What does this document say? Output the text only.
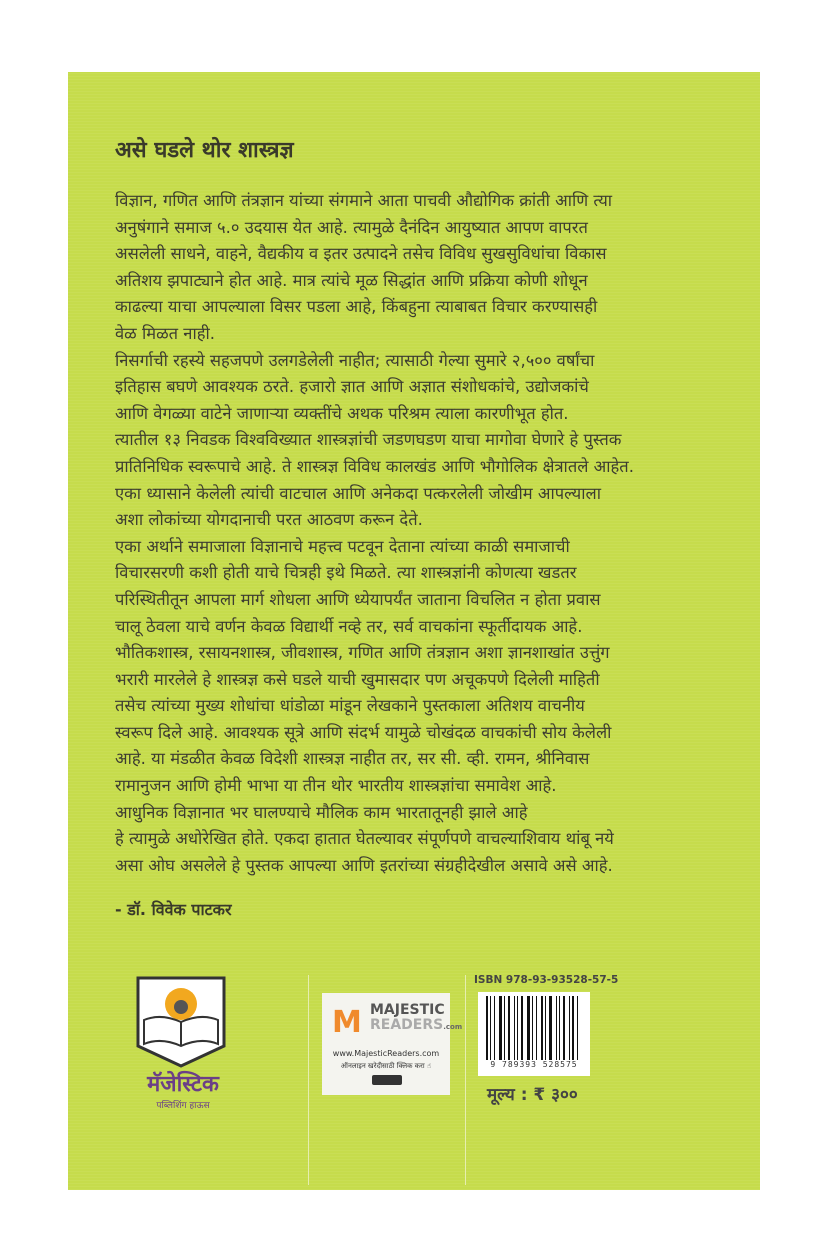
असे घडले थोर शास्त्रज्ञ
विज्ञान, गणित आणि तंत्रज्ञान यांच्या संगमाने आता पाचवी औद्योगिक क्रांती आणि त्या
अनुषंगाने समाज ५.० उदयास येत आहे. त्यामुळे दैनंदिन आयुष्यात आपण वापरत
असलेली साधने, वाहने, वैद्यकीय व इतर उत्पादने तसेच विविध सुखसुविधांचा विकास
अतिशय झपाट्याने होत आहे. मात्र त्यांचे मूळ सिद्धांत आणि प्रक्रिया कोणी शोधून
काढल्या याचा आपल्याला विसर पडला आहे, किंबहुना त्याबाबत विचार करण्यासही
वेळ मिळत नाही.
निसर्गाची रहस्ये सहजपणे उलगडेलेली नाहीत; त्यासाठी गेल्या सुमारे २,५०० वर्षांचा
इतिहास बघणे आवश्यक ठरते. हजारो ज्ञात आणि अज्ञात संशोधकांचे, उद्योजकांचे
आणि वेगळ्या वाटेने जाणाऱ्या व्यक्तींचे अथक परिश्रम त्याला कारणीभूत होत.
त्यातील १३ निवडक विश्वविख्यात शास्त्रज्ञांची जडणघडण याचा मागोवा घेणारे हे पुस्तक
प्रातिनिधिक स्वरूपाचे आहे. ते शास्त्रज्ञ विविध कालखंड आणि भौगोलिक क्षेत्रातले आहेत.
एका ध्यासाने केलेली त्यांची वाटचाल आणि अनेकदा पत्करलेली जोखीम आपल्याला
अशा लोकांच्या योगदानाची परत आठवण करून देते.
एका अर्थाने समाजाला विज्ञानाचे महत्त्व पटवून देताना त्यांच्या काळी समाजाची
विचारसरणी कशी होती याचे चित्रही इथे मिळते. त्या शास्त्रज्ञांनी कोणत्या खडतर
परिस्थितीतून आपला मार्ग शोधला आणि ध्येयापर्यंत जाताना विचलित न होता प्रवास
चालू ठेवला याचे वर्णन केवळ विद्यार्थी नव्हे तर, सर्व वाचकांना स्फूर्तीदायक आहे.
भौतिकशास्त्र, रसायनशास्त्र, जीवशास्त्र, गणित आणि तंत्रज्ञान अशा ज्ञानशाखांत उत्तुंग
भरारी मारलेले हे शास्त्रज्ञ कसे घडले याची खुमासदार पण अचूकपणे दिलेली माहिती
तसेच त्यांच्या मुख्य शोधांचा धांडोळा मांडून लेखकाने पुस्तकाला अतिशय वाचनीय
स्वरूप दिले आहे. आवश्यक सूत्रे आणि संदर्भ यामुळे चोखंदळ वाचकांची सोय केलेली
आहे. या मंडळीत केवळ विदेशी शास्त्रज्ञ नाहीत तर, सर सी. व्ही. रामन, श्रीनिवास
रामानुजन आणि होमी भाभा या तीन थोर भारतीय शास्त्रज्ञांचा समावेश आहे.
आधुनिक विज्ञानात भर घालण्याचे मौलिक काम भारतातूनही झाले आहे
हे त्यामुळे अधोरेखित होते. एकदा हातात घेतल्यावर संपूर्णपणे वाचल्याशिवाय थांबू नये
असा ओघ असलेले हे पुस्तक आपल्या आणि इतरांच्या संग्रहीदेखील असावे असे आहे.
- डॉ. विवेक पाटकर
मॅजेस्टिक
पब्लिशिंग हाऊस
M MAJESTIC
READERS.com
www.MajesticReaders.com
ऑनलाइन खरेदीसाठी क्लिक करा ☝
ISBN 978-93-93528-57-5
9 789393 528575
मूल्य : ₹ ३००
